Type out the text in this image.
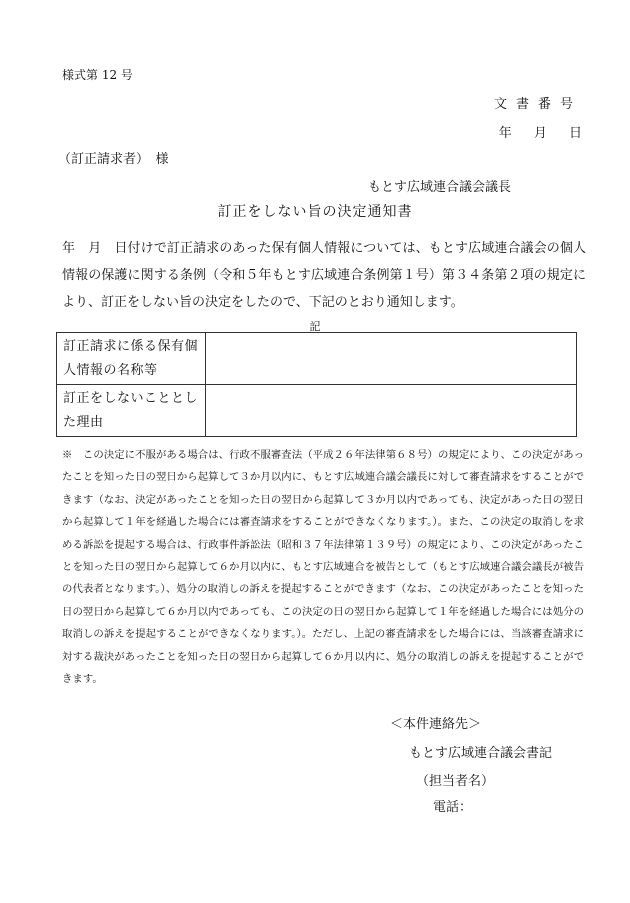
様式第 12 号
文書番号
年 月 日
（訂正請求者）　様
もとす広域連合議会議長
訂正をしない旨の決定通知書
年　月　日付けで訂正請求のあった保有個人情報については、もとす広域連合議会の個人情報の保護に関する条例（令和５年もとす広域連合条例第１号）第３４条第２項の規定により、訂正をしない旨の決定をしたので、下記のとおり通知します。
記
訂正請求に係る保有個人情報の名称等	
訂正をしないこととした理由	
※　この決定に不服がある場合は、行政不服審査法（平成２６年法律第６８号）の規定により、この決定があったことを知った日の翌日から起算して３か月以内に、もとす広域連合議会議長に対して審査請求をすることができます（なお、決定があったことを知った日の翌日から起算して３か月以内であっても、決定があった日の翌日から起算して１年を経過した場合には審査請求をすることができなくなります。）。また、この決定の取消しを求める訴訟を提起する場合は、行政事件訴訟法（昭和３７年法律第１３９号）の規定により、この決定があったことを知った日の翌日から起算して６か月以内に、もとす広域連合を被告として（もとす広域連合議会議長が被告の代表者となります。）、処分の取消しの訴えを提起することができます（なお、この決定があったことを知った日の翌日から起算して６か月以内であっても、この決定の日の翌日から起算して１年を経過した場合には処分の取消しの訴えを提起することができなくなります。）。ただし、上記の審査請求をした場合には、当該審査請求に対する裁決があったことを知った日の翌日から起算して６か月以内に、処分の取消しの訴えを提起することができます。
＜本件連絡先＞
もとす広域連合議会書記
（担当者名）
電話：
